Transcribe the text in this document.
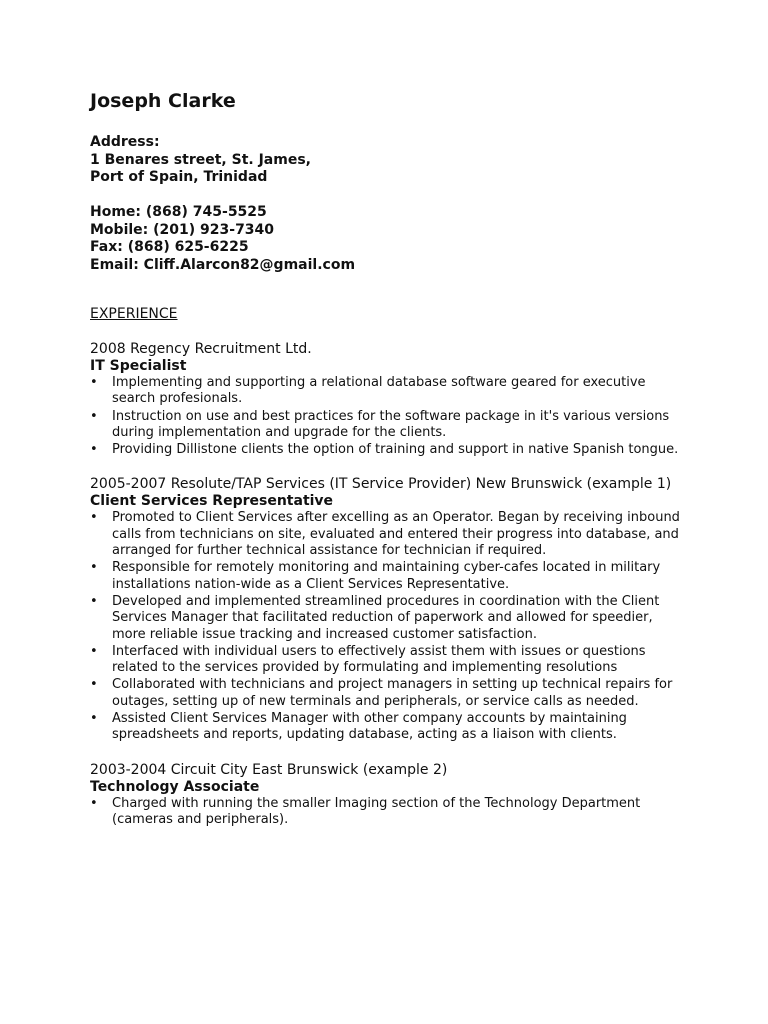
Joseph Clarke
Address:
1 Benares street, St. James,
Port of Spain, Trinidad
Home: (868) 745-5525
Mobile: (201) 923-7340
Fax: (868) 625-6225
Email: Cliff.Alarcon82@gmail.com
EXPERIENCE
2008 Regency Recruitment Ltd.
IT Specialist
• Implementing and supporting a relational database software geared for executive search profesionals.
• Instruction on use and best practices for the software package in it's various versions during implementation and upgrade for the clients.
• Providing Dillistone clients the option of training and support in native Spanish tongue.
2005-2007 Resolute/TAP Services (IT Service Provider) New Brunswick (example 1)
Client Services Representative
• Promoted to Client Services after excelling as an Operator. Began by receiving inbound calls from technicians on site, evaluated and entered their progress into database, and arranged for further technical assistance for technician if required.
• Responsible for remotely monitoring and maintaining cyber-cafes located in military installations nation-wide as a Client Services Representative.
• Developed and implemented streamlined procedures in coordination with the Client Services Manager that facilitated reduction of paperwork and allowed for speedier, more reliable issue tracking and increased customer satisfaction.
• Interfaced with individual users to effectively assist them with issues or questions related to the services provided by formulating and implementing resolutions
• Collaborated with technicians and project managers in setting up technical repairs for outages, setting up of new terminals and peripherals, or service calls as needed.
• Assisted Client Services Manager with other company accounts by maintaining spreadsheets and reports, updating database, acting as a liaison with clients.
2003-2004 Circuit City East Brunswick (example 2)
Technology Associate
• Charged with running the smaller Imaging section of the Technology Department (cameras and peripherals).
